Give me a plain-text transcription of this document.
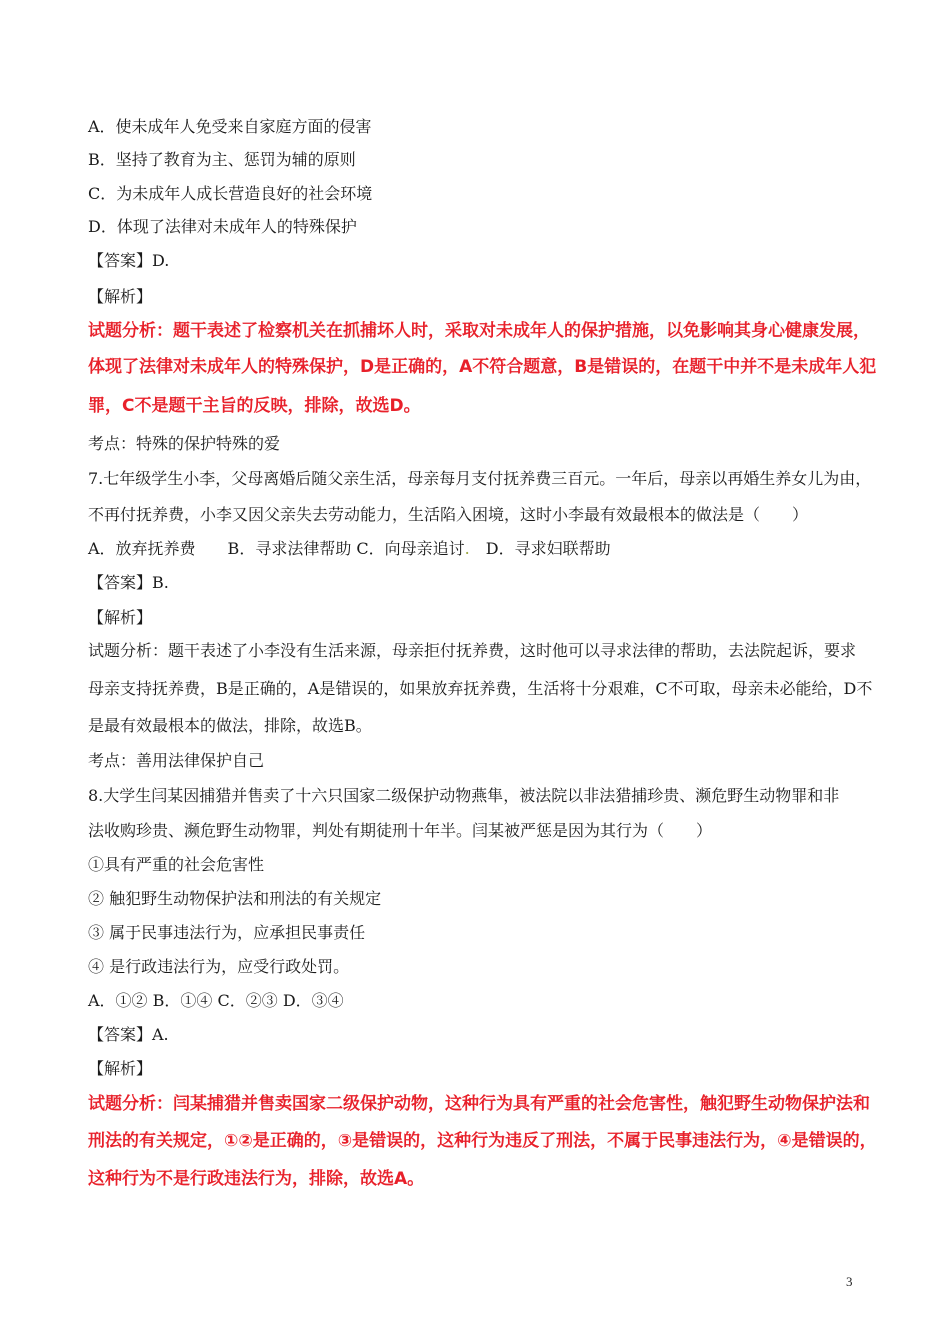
A．使未成年人免受来自家庭方面的侵害
B．坚持了教育为主、惩罚为辅的原则
C．为未成年人成长营造良好的社会环境
D．体现了法律对未成年人的特殊保护
【答案】D.
【解析】
试题分析：题干表述了检察机关在抓捕坏人时，采取对未成年人的保护措施，以免影响其身心健康发展，
体现了法律对未成年人的特殊保护，D是正确的，A不符合题意，B是错误的，在题干中并不是未成年人犯
罪，C不是题干主旨的反映，排除，故选D。
考点：特殊的保护特殊的爱
7.七年级学生小李，父母离婚后随父亲生活，母亲每月支付抚养费三百元。一年后，母亲以再婚生养女儿为由，
不再付抚养费，小李又因父亲失去劳动能力，生活陷入困境，这时小李最有效最根本的做法是（　　）
A．放弃抚养费　　B．寻求法律帮助 C．向母亲追讨.　D．寻求妇联帮助
【答案】B.
【解析】
试题分析：题干表述了小李没有生活来源，母亲拒付抚养费，这时他可以寻求法律的帮助，去法院起诉，要求
母亲支持抚养费，B是正确的，A是错误的，如果放弃抚养费，生活将十分艰难，C不可取，母亲未必能给，D不
是最有效最根本的做法，排除，故选B。
考点：善用法律保护自己
8.大学生闫某因捕猎并售卖了十六只国家二级保护动物燕隼，被法院以非法猎捕珍贵、濒危野生动物罪和非
法收购珍贵、濒危野生动物罪，判处有期徒刑十年半。闫某被严惩是因为其行为（　　）
①具有严重的社会危害性
② 触犯野生动物保护法和刑法的有关规定
③ 属于民事违法行为，应承担民事责任
④ 是行政违法行为，应受行政处罚。
A．①② B．①④ C．②③ D．③④
【答案】A.
【解析】
试题分析：闫某捕猎并售卖国家二级保护动物，这种行为具有严重的社会危害性，触犯野生动物保护法和
刑法的有关规定，①②是正确的，③是错误的，这种行为违反了刑法，不属于民事违法行为，④是错误的，
这种行为不是行政违法行为，排除，故选A。
3
